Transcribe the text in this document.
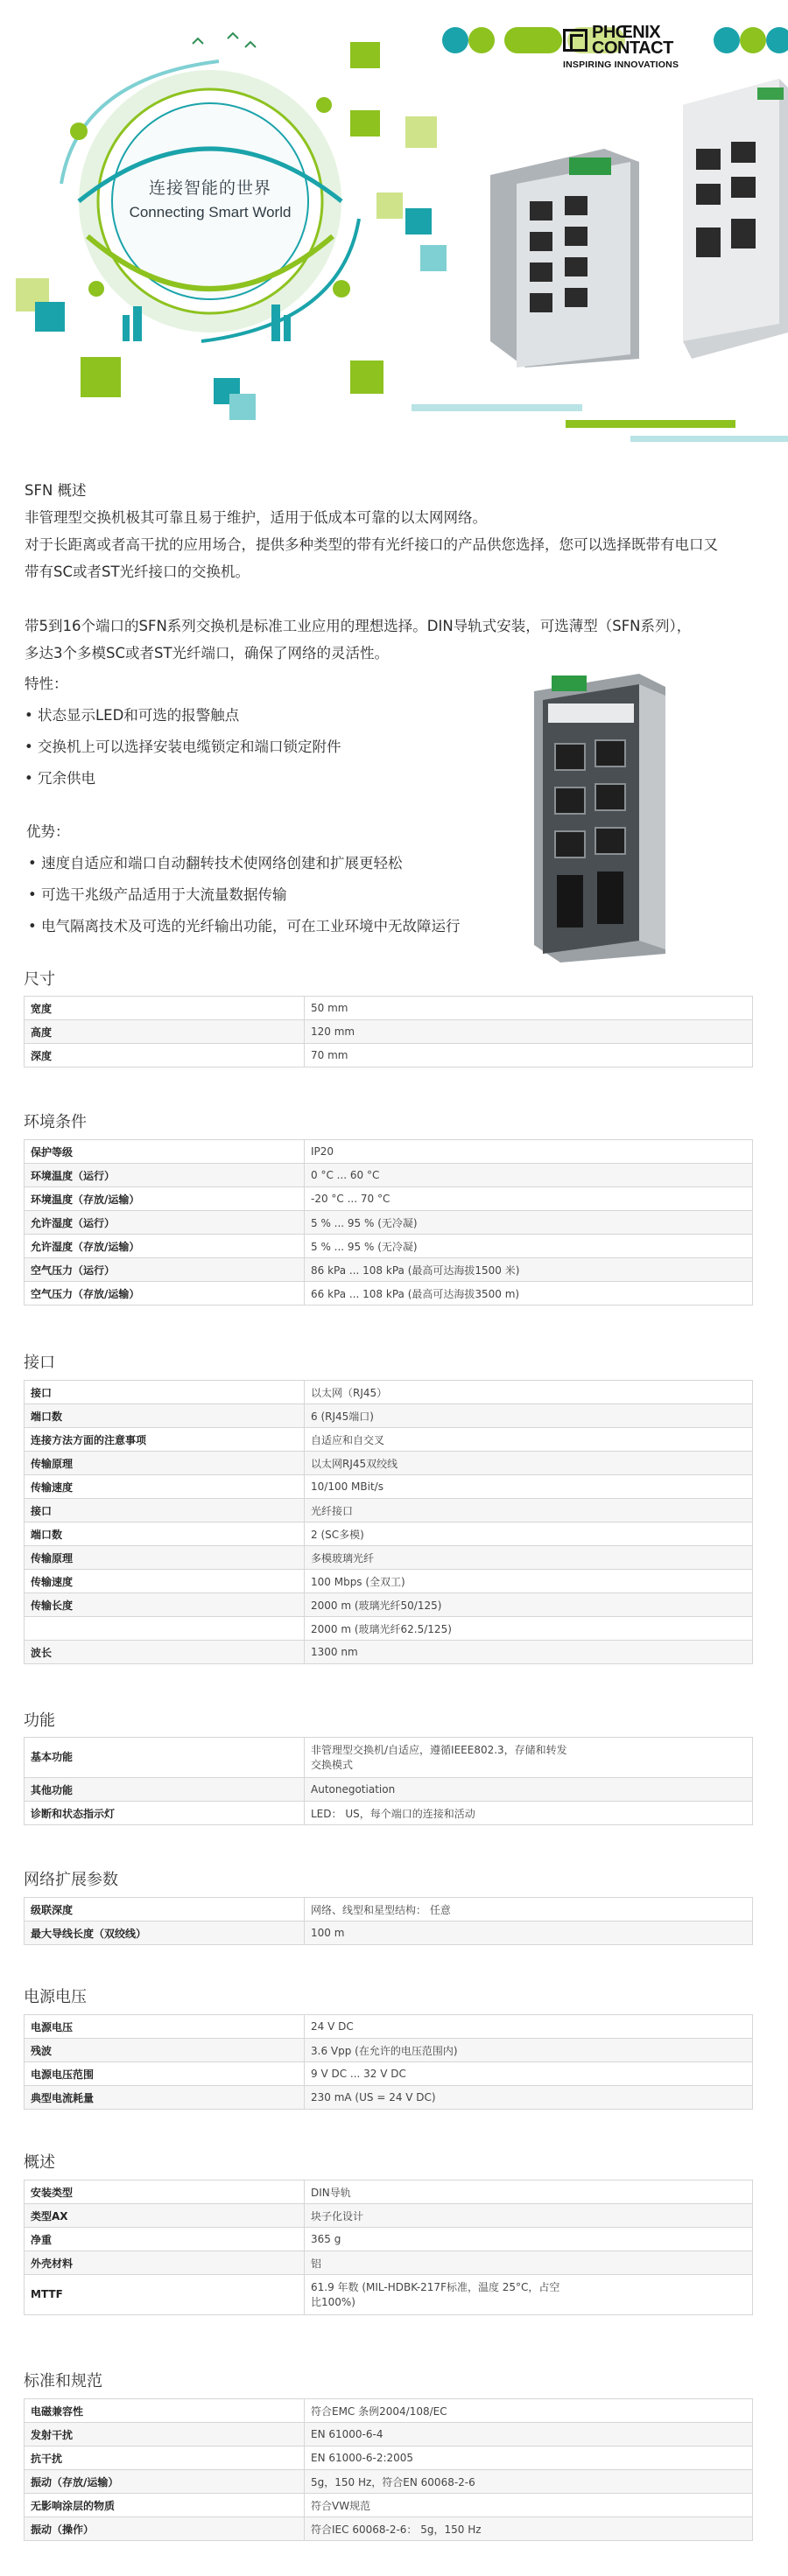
连接智能的世界
Connecting Smart World
PHŒNIX
CONTACT
INSPIRING INNOVATIONS

SFN 概述

非管理型交换机极其可靠且易于维护，适用于低成本可靠的以太网网络。

对于长距离或者高干扰的应用场合，提供多种类型的带有光纤接口的产品供您选择，您可以选择既带有电口又

带有SC或者ST光纤接口的交换机。

带5到16个端口的SFN系列交换机是标准工业应用的理想选择。DIN导轨式安装，可选薄型（SFN系列），

多达3个多模SC或者ST光纤端口，确保了网络的灵活性。

特性：

• 状态显示LED和可选的报警触点

• 交换机上可以选择安装电缆锁定和端口锁定附件

• 冗余供电

优势：

• 速度自适应和端口自动翻转技术使网络创建和扩展更轻松

• 可选干兆级产品适用于大流量数据传输

• 电气隔离技术及可选的光纤输出功能，可在工业环境中无故障运行

尺寸
宽度	50 mm
高度	120 mm
深度	70 mm
环境条件
保护等级	IP20
环境温度（运行）	0 °C ... 60 °C
环境温度（存放/运输）	-20 °C ... 70 °C
允许湿度（运行）	5 % ... 95 % (无冷凝)
允许湿度（存放/运输）	5 % ... 95 % (无冷凝)
空气压力（运行）	86 kPa ... 108 kPa (最高可达海拔1500 米)
空气压力（存放/运输）	66 kPa ... 108 kPa (最高可达海拔3500 m)
接口
接口	以太网（RJ45）
端口数	6 (RJ45端口)
连接方法方面的注意事项	自适应和自交叉
传输原理	以太网RJ45双绞线
传输速度	10/100 MBit/s
接口	光纤接口
端口数	2 (SC多模)
传输原理	多模玻璃光纤
传输速度	100 Mbps (全双工)
传输长度	2000 m (玻璃光纤50/125)
	2000 m (玻璃光纤62.5/125)
波长	1300 nm
功能
基本功能	非管理型交换机/自适应，遵循IEEE802.3，存储和转发
交换模式

其他功能	Autonegotiation
诊断和状态指示灯	LED： US，每个端口的连接和活动
网络扩展参数
级联深度	网络、线型和星型结构： 任意
最大导线长度（双绞线）	100 m
电源电压
电源电压	24 V DC
残波	3.6 Vpp (在允许的电压范围内)
电源电压范围	9 V DC ... 32 V DC
典型电流耗量	230 mA (US = 24 V DC)
概述
安装类型	DIN导轨
类型AX	块子化设计
净重	365 g
外壳材料	铝
MTTF	61.9 年数 (MIL-HDBK-217F标准，温度 25°C，占空
比100%)
标准和规范
电磁兼容性	符合EMC 条例2004/108/EC
发射干扰	EN 61000-6-4
抗干扰	EN 61000-6-2:2005
振动（存放/运输）	5g，150 Hz，符合EN 60068-2-6
无影响涂层的物质	符合VW规范
振动（操作）	符合IEC 60068-2-6： 5g，150 Hz
